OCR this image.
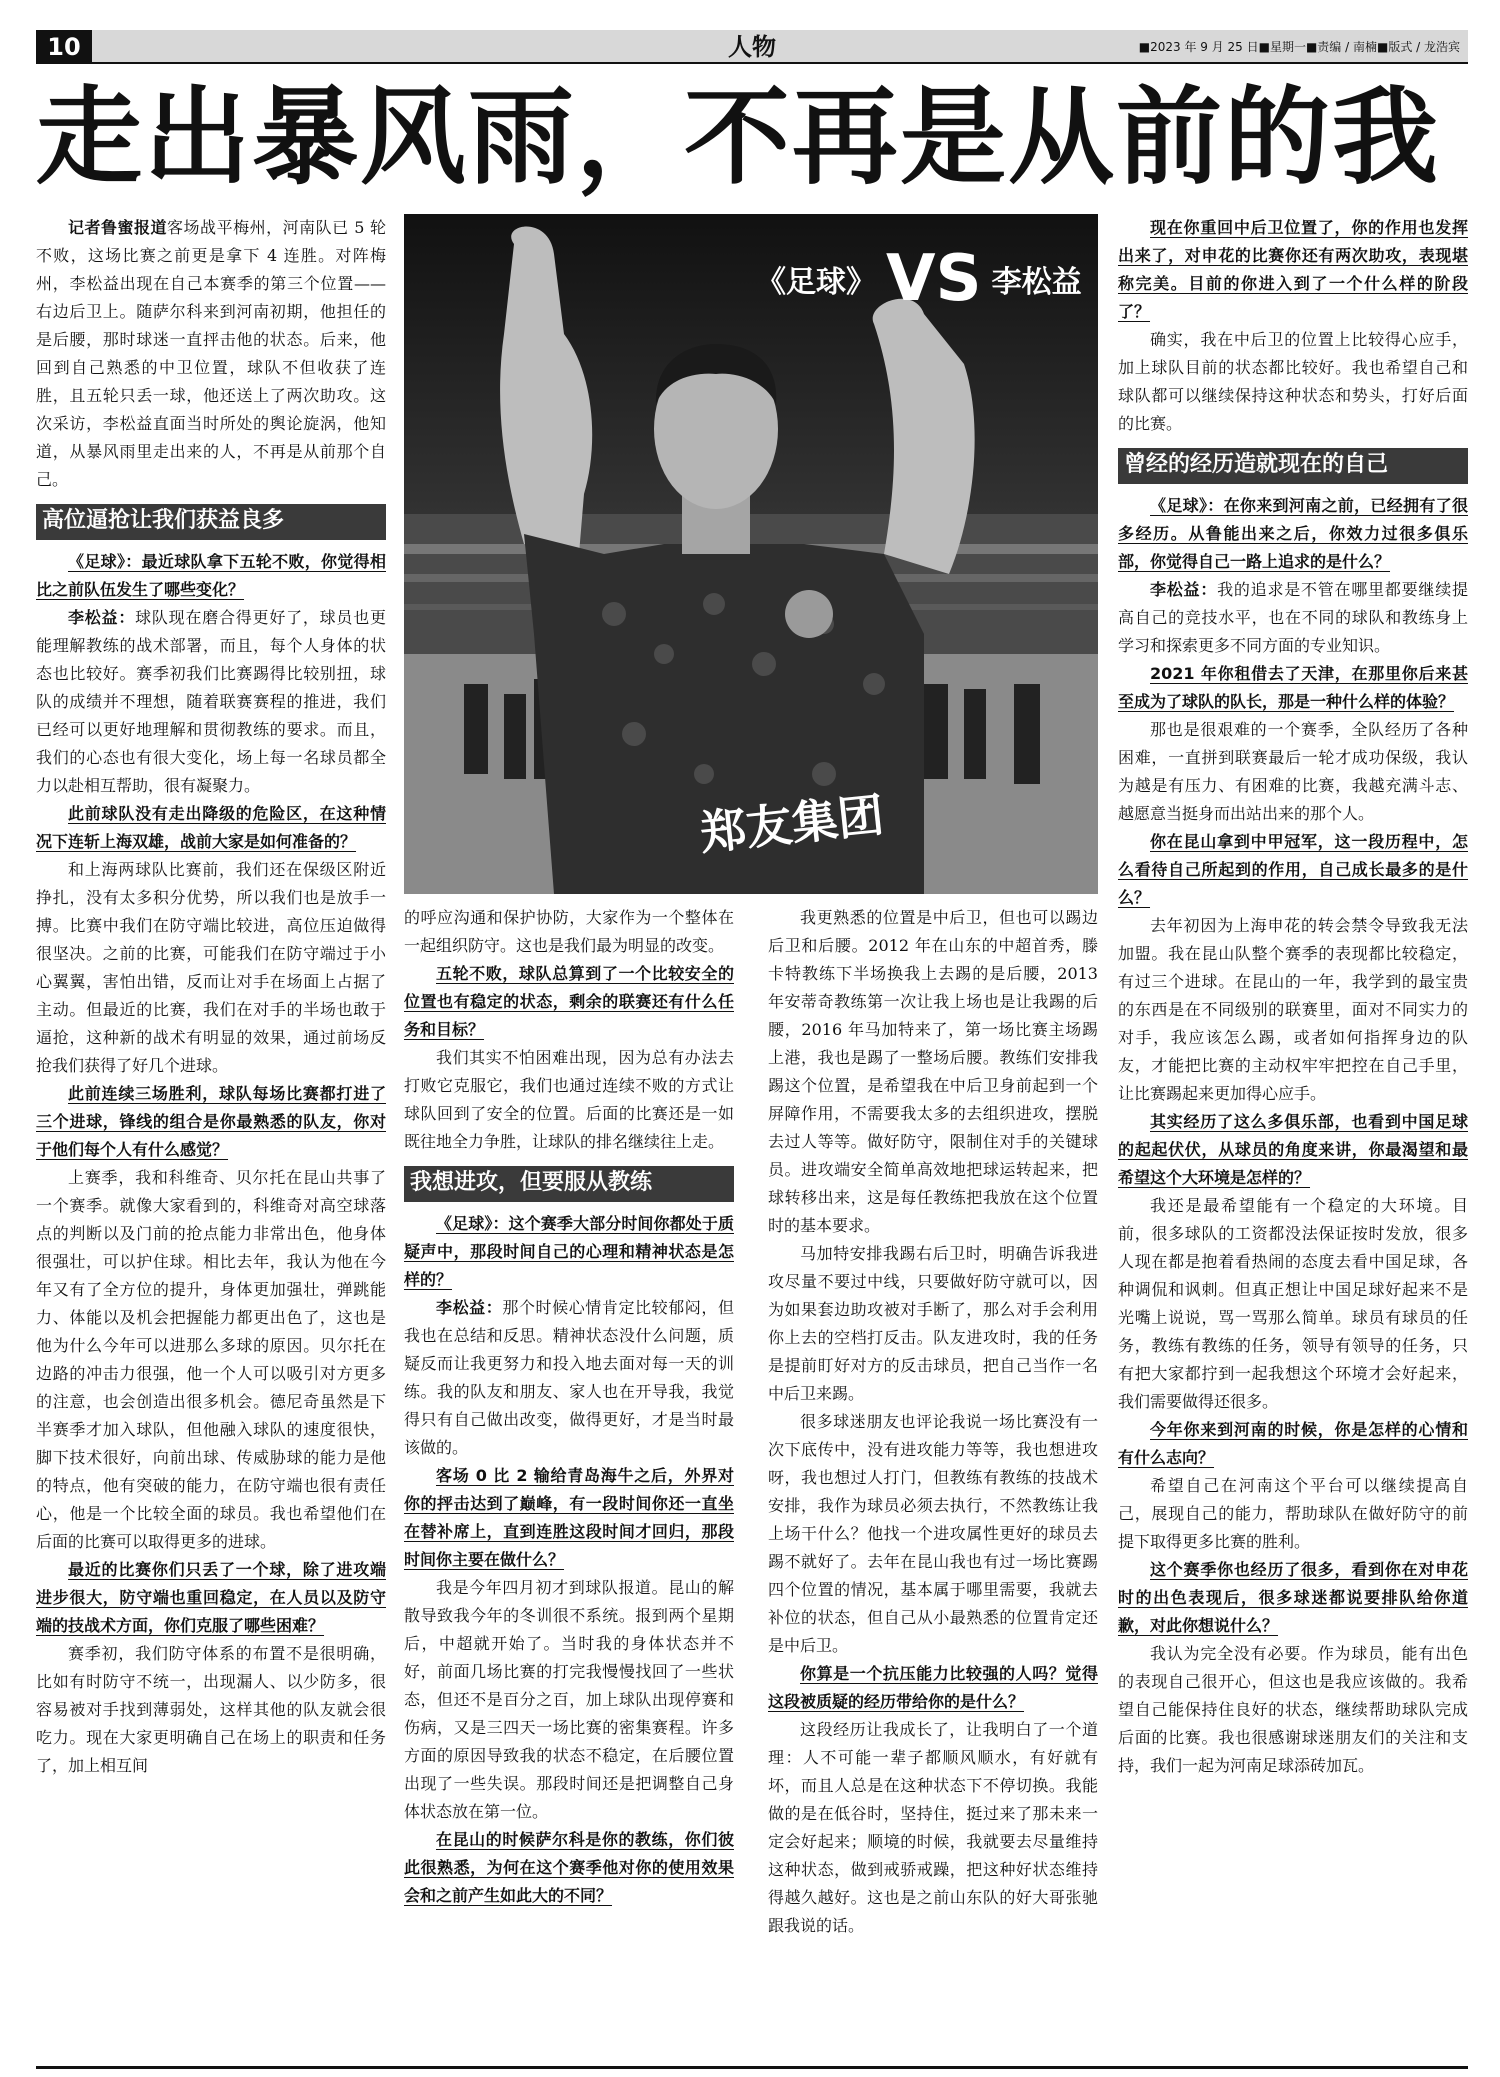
10	人物	■2023 年 9 月 25 日■星期一■责编 / 南楠■版式 / 龙浩宾
走出暴风雨，不再是从前的我

记者鲁蜜报道客场战平梅州，河南队已 5 轮不败，这场比赛之前更是拿下 4 连胜。对阵梅州，李松益出现在自己本赛季的第三个位置——右边后卫上。随萨尔科来到河南初期，他担任的是后腰，那时球迷一直抨击他的状态。后来，他回到自己熟悉的中卫位置，球队不但收获了连胜，且五轮只丢一球，他还送上了两次助攻。这次采访，李松益直面当时所处的舆论旋涡，他知道，从暴风雨里走出来的人，不再是从前那个自己。

高位逼抢让我们获益良多

《足球》：最近球队拿下五轮不败，你觉得相比之前队伍发生了哪些变化？

李松益：球队现在磨合得更好了，球员也更能理解教练的战术部署，而且，每个人身体的状态也比较好。赛季初我们比赛踢得比较别扭，球队的成绩并不理想，随着联赛赛程的推进，我们已经可以更好地理解和贯彻教练的要求。而且，我们的心态也有很大变化，场上每一名球员都全力以赴相互帮助，很有凝聚力。

此前球队没有走出降级的危险区，在这种情况下连斩上海双雄，战前大家是如何准备的？

和上海两球队比赛前，我们还在保级区附近挣扎，没有太多积分优势，所以我们也是放手一搏。比赛中我们在防守端比较进，高位压迫做得很坚决。之前的比赛，可能我们在防守端过于小心翼翼，害怕出错，反而让对手在场面上占据了主动。但最近的比赛，我们在对手的半场也敢于逼抢，这种新的战术有明显的效果，通过前场反抢我们获得了好几个进球。

此前连续三场胜利，球队每场比赛都打进了三个进球，锋线的组合是你最熟悉的队友，你对于他们每个人有什么感觉？

上赛季，我和科维奇、贝尔托在昆山共事了一个赛季。就像大家看到的，科维奇对高空球落点的判断以及门前的抢点能力非常出色，他身体很强壮，可以护住球。相比去年，我认为他在今年又有了全方位的提升，身体更加强壮，弹跳能力、体能以及机会把握能力都更出色了，这也是他为什么今年可以进那么多球的原因。贝尔托在边路的冲击力很强，他一个人可以吸引对方更多的注意，也会创造出很多机会。德尼奇虽然是下半赛季才加入球队，但他融入球队的速度很快，脚下技术很好，向前出球、传威胁球的能力是他的特点，他有突破的能力，在防守端也很有责任心，他是一个比较全面的球员。我也希望他们在后面的比赛可以取得更多的进球。

最近的比赛你们只丢了一个球，除了进攻端进步很大，防守端也重回稳定，在人员以及防守端的技战术方面，你们克服了哪些困难？

赛季初，我们防守体系的布置不是很明确，比如有时防守不统一，出现漏人、以少防多，很容易被对手找到薄弱处，这样其他的队友就会很吃力。现在大家更明确自己在场上的职责和任务了，加上相互间

《足球》 VS 李松益
郑友集团

的呼应沟通和保护协防，大家作为一个整体在一起组织防守。这也是我们最为明显的改变。

五轮不败，球队总算到了一个比较安全的位置也有稳定的状态，剩余的联赛还有什么任务和目标？

我们其实不怕困难出现，因为总有办法去打败它克服它，我们也通过连续不败的方式让球队回到了安全的位置。后面的比赛还是一如既往地全力争胜，让球队的排名继续往上走。

我想进攻，但要服从教练

《足球》：这个赛季大部分时间你都处于质疑声中，那段时间自己的心理和精神状态是怎样的？

李松益：那个时候心情肯定比较郁闷，但我也在总结和反思。精神状态没什么问题，质疑反而让我更努力和投入地去面对每一天的训练。我的队友和朋友、家人也在开导我，我觉得只有自己做出改变，做得更好，才是当时最该做的。

客场 0 比 2 输给青岛海牛之后，外界对你的抨击达到了巅峰，有一段时间你还一直坐在替补席上，直到连胜这段时间才回归，那段时间你主要在做什么？

我是今年四月初才到球队报道。昆山的解散导致我今年的冬训很不系统。报到两个星期后，中超就开始了。当时我的身体状态并不好，前面几场比赛的打完我慢慢找回了一些状态，但还不是百分之百，加上球队出现停赛和伤病，又是三四天一场比赛的密集赛程。许多方面的原因导致我的状态不稳定，在后腰位置出现了一些失误。那段时间还是把调整自己身体状态放在第一位。

在昆山的时候萨尔科是你的教练，你们彼此很熟悉，为何在这个赛季他对你的使用效果会和之前产生如此大的不同？

我更熟悉的位置是中后卫，但也可以踢边后卫和后腰。2012 年在山东的中超首秀，滕卡特教练下半场换我上去踢的是后腰，2013 年安蒂奇教练第一次让我上场也是让我踢的后腰，2016 年马加特来了，第一场比赛主场踢上港，我也是踢了一整场后腰。教练们安排我踢这个位置，是希望我在中后卫身前起到一个屏障作用，不需要我太多的去组织进攻，摆脱去过人等等。做好防守，限制住对手的关键球员。进攻端安全简单高效地把球运转起来，把球转移出来，这是每任教练把我放在这个位置时的基本要求。

马加特安排我踢右后卫时，明确告诉我进攻尽量不要过中线，只要做好防守就可以，因为如果套边助攻被对手断了，那么对手会利用你上去的空档打反击。队友进攻时，我的任务是提前盯好对方的反击球员，把自己当作一名中后卫来踢。

很多球迷朋友也评论我说一场比赛没有一次下底传中，没有进攻能力等等，我也想进攻呀，我也想过人打门，但教练有教练的技战术安排，我作为球员必须去执行，不然教练让我上场干什么？他找一个进攻属性更好的球员去踢不就好了。去年在昆山我也有过一场比赛踢四个位置的情况，基本属于哪里需要，我就去补位的状态，但自己从小最熟悉的位置肯定还是中后卫。

你算是一个抗压能力比较强的人吗？觉得这段被质疑的经历带给你的是什么？

这段经历让我成长了，让我明白了一个道理：人不可能一辈子都顺风顺水，有好就有坏，而且人总是在这种状态下不停切换。我能做的是在低谷时，坚持住，挺过来了那未来一定会好起来；顺境的时候，我就要去尽量维持这种状态，做到戒骄戒躁，把这种好状态维持得越久越好。这也是之前山东队的好大哥张驰跟我说的话。

现在你重回中后卫位置了，你的作用也发挥出来了，对申花的比赛你还有两次助攻，表现堪称完美。目前的你进入到了一个什么样的阶段了？

确实，我在中后卫的位置上比较得心应手，加上球队目前的状态都比较好。我也希望自己和球队都可以继续保持这种状态和势头，打好后面的比赛。

曾经的经历造就现在的自己

《足球》：在你来到河南之前，已经拥有了很多经历。从鲁能出来之后，你效力过很多俱乐部，你觉得自己一路上追求的是什么？

李松益：我的追求是不管在哪里都要继续提高自己的竞技水平，也在不同的球队和教练身上学习和探索更多不同方面的专业知识。

2021 年你租借去了天津，在那里你后来甚至成为了球队的队长，那是一种什么样的体验？

那也是很艰难的一个赛季，全队经历了各种困难，一直拼到联赛最后一轮才成功保级，我认为越是有压力、有困难的比赛，我越充满斗志、越愿意当挺身而出站出来的那个人。

你在昆山拿到中甲冠军，这一段历程中，怎么看待自己所起到的作用，自己成长最多的是什么？

去年初因为上海申花的转会禁令导致我无法加盟。我在昆山队整个赛季的表现都比较稳定，有过三个进球。在昆山的一年，我学到的最宝贵的东西是在不同级别的联赛里，面对不同实力的对手，我应该怎么踢，或者如何指挥身边的队友，才能把比赛的主动权牢牢把控在自己手里，让比赛踢起来更加得心应手。

其实经历了这么多俱乐部，也看到中国足球的起起伏伏，从球员的角度来讲，你最渴望和最希望这个大环境是怎样的？

我还是最希望能有一个稳定的大环境。目前，很多球队的工资都没法保证按时发放，很多人现在都是抱着看热闹的态度去看中国足球，各种调侃和讽刺。但真正想让中国足球好起来不是光嘴上说说，骂一骂那么简单。球员有球员的任务，教练有教练的任务，领导有领导的任务，只有把大家都拧到一起我想这个环境才会好起来，我们需要做得还很多。

今年你来到河南的时候，你是怎样的心情和有什么志向？

希望自己在河南这个平台可以继续提高自己，展现自己的能力，帮助球队在做好防守的前提下取得更多比赛的胜利。

这个赛季你也经历了很多，看到你在对申花时的出色表现后，很多球迷都说要排队给你道歉，对此你想说什么？

我认为完全没有必要。作为球员，能有出色的表现自己很开心，但这也是我应该做的。我希望自己能保持住良好的状态，继续帮助球队完成后面的比赛。我也很感谢球迷朋友们的关注和支持，我们一起为河南足球添砖加瓦。
